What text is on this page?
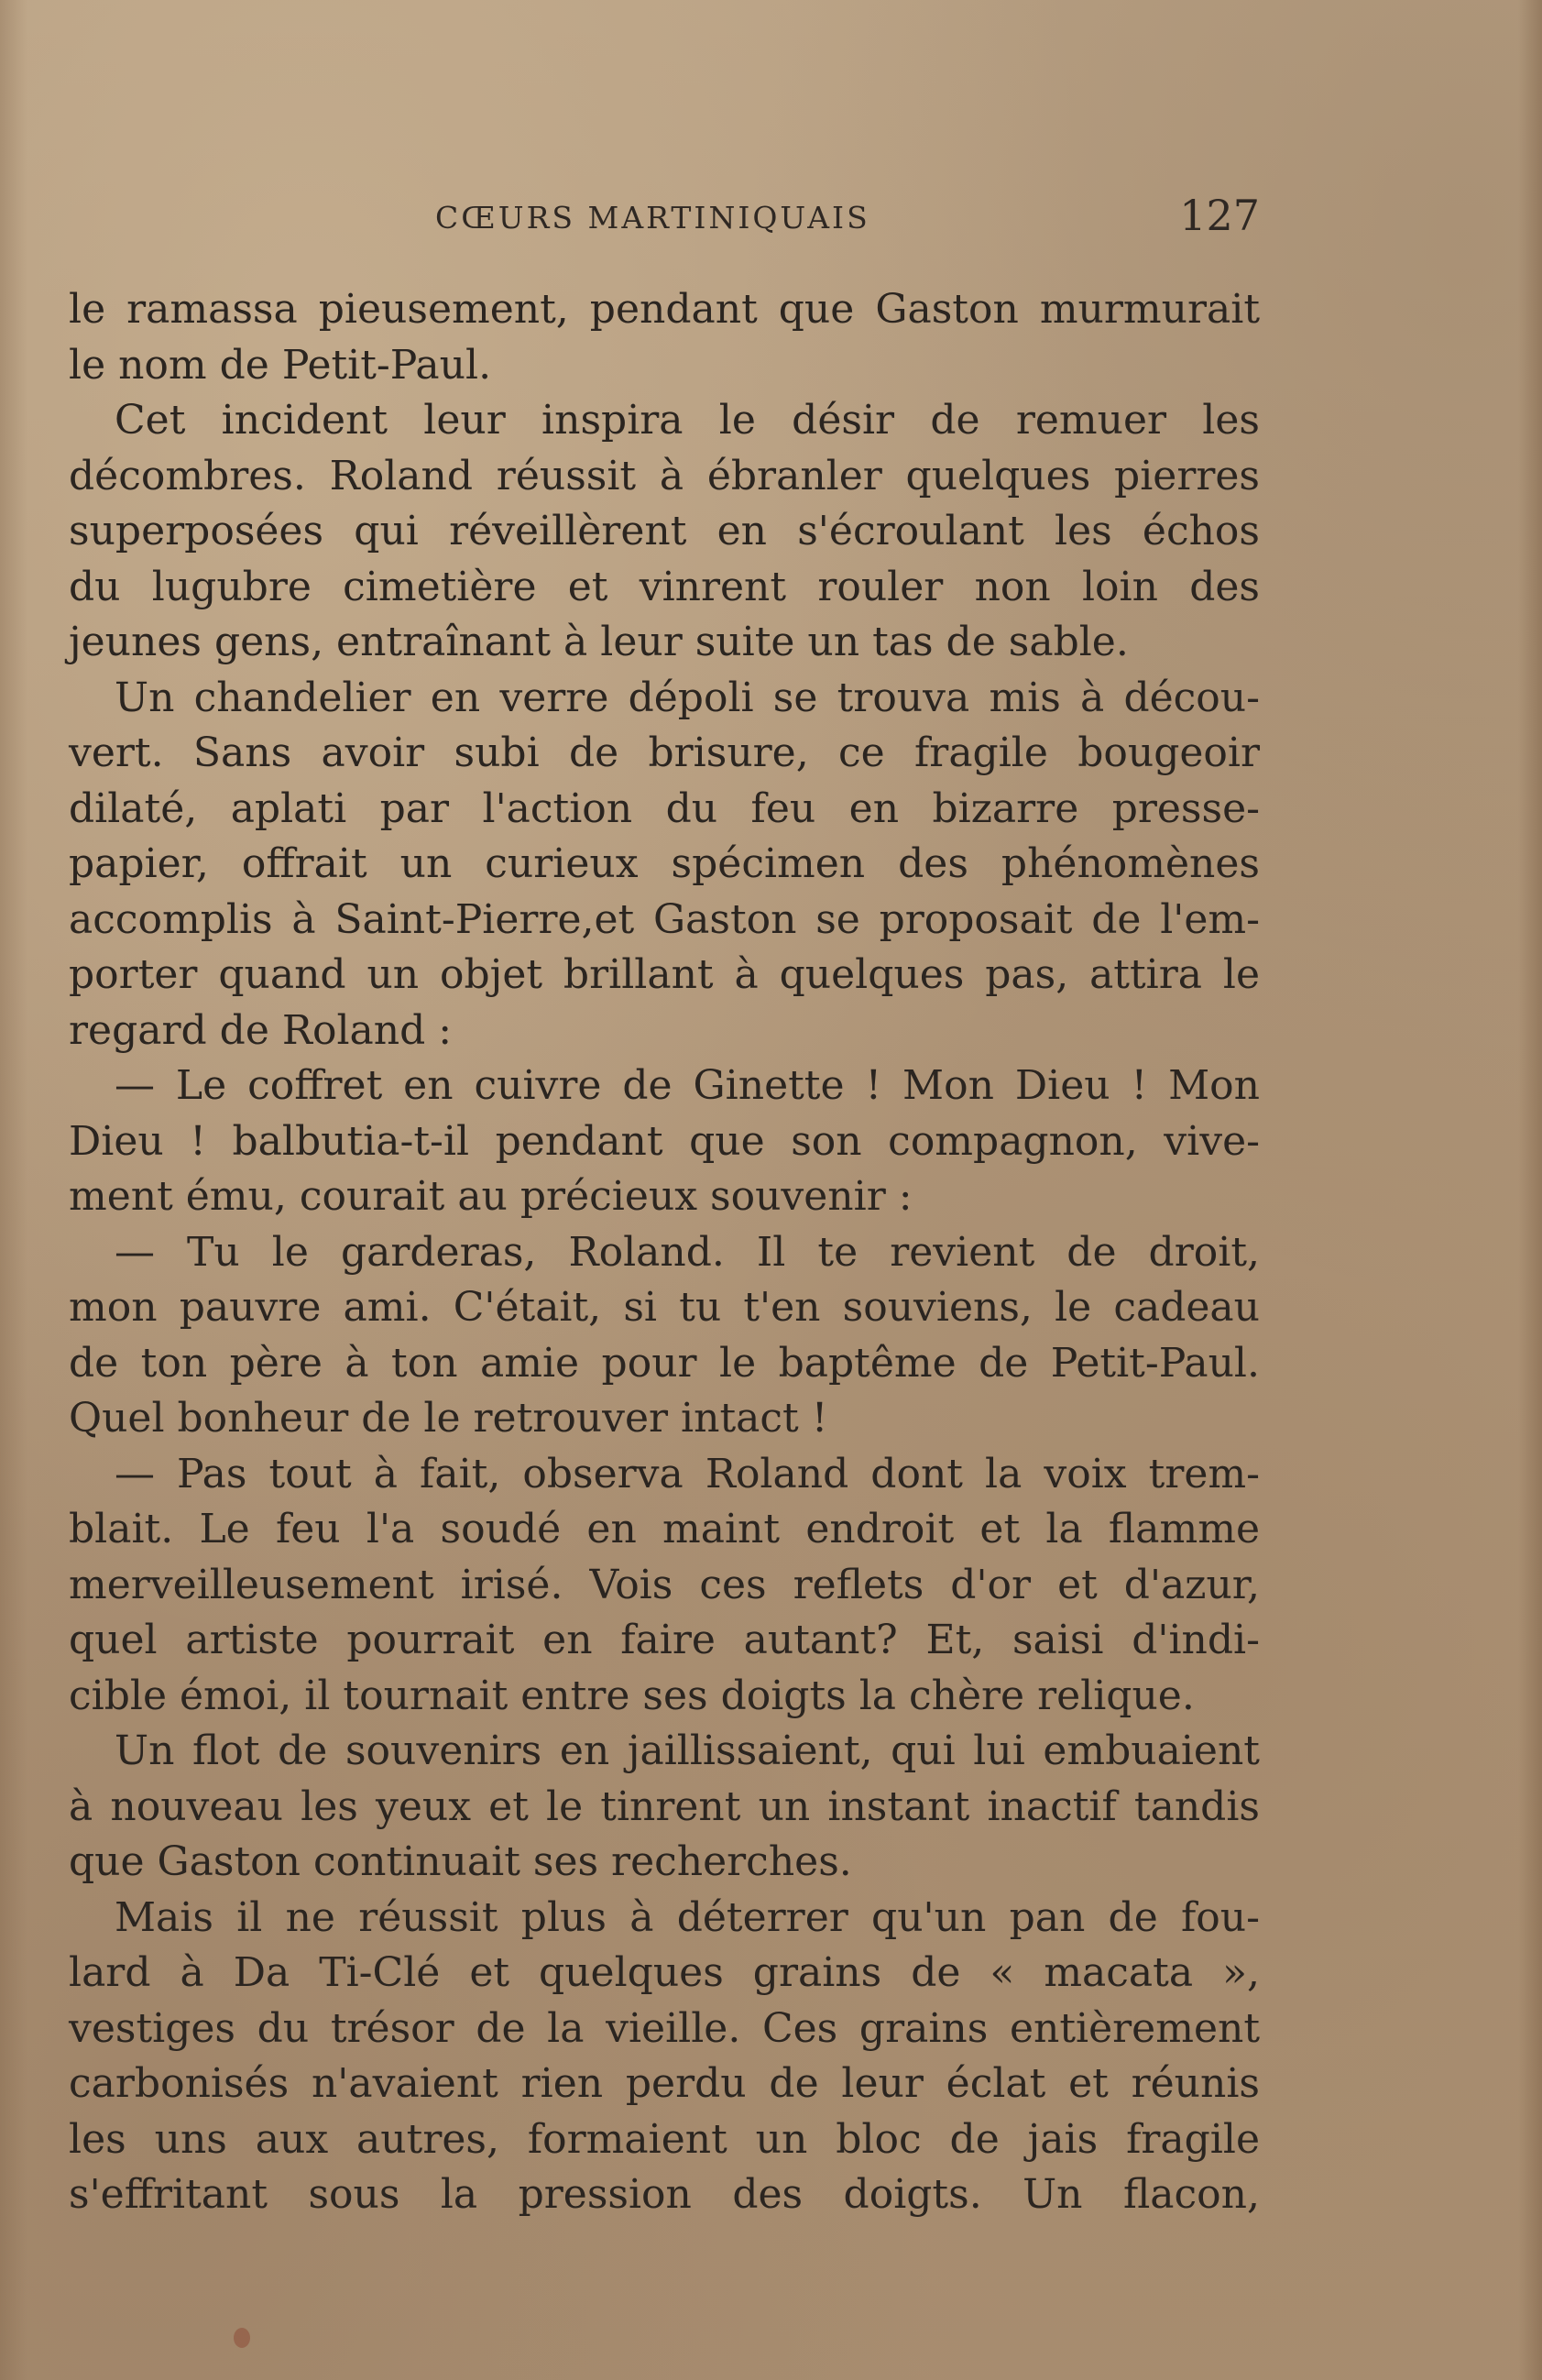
CŒURS MARTINIQUAIS	127
le ramassa pieusement, pendant que Gaston murmurait
le nom de Petit-Paul.
Cet incident leur inspira le désir de remuer les
décombres. Roland réussit à ébranler quelques pierres
superposées qui réveillèrent en s'écroulant les échos
du lugubre cimetière et vinrent rouler non loin des
jeunes gens, entraînant à leur suite un tas de sable.
Un chandelier en verre dépoli se trouva mis à décou-
vert. Sans avoir subi de brisure, ce fragile bougeoir
dilaté, aplati par l'action du feu en bizarre presse-
papier, offrait un curieux spécimen des phénomènes
accomplis à Saint-Pierre,et Gaston se proposait de l'em-
porter quand un objet brillant à quelques pas, attira le
regard de Roland :
— Le coffret en cuivre de Ginette ! Mon Dieu ! Mon
Dieu ! balbutia-t-il pendant que son compagnon, vive-
ment ému, courait au précieux souvenir :
— Tu le garderas, Roland. Il te revient de droit,
mon pauvre ami. C'était, si tu t'en souviens, le cadeau
de ton père à ton amie pour le baptême de Petit-Paul.
Quel bonheur de le retrouver intact !
— Pas tout à fait, observa Roland dont la voix trem-
blait. Le feu l'a soudé en maint endroit et la flamme
merveilleusement irisé. Vois ces reflets d'or et d'azur,
quel artiste pourrait en faire autant? Et, saisi d'indi-
cible émoi, il tournait entre ses doigts la chère relique.
Un flot de souvenirs en jaillissaient, qui lui embuaient
à nouveau les yeux et le tinrent un instant inactif tandis
que Gaston continuait ses recherches.
Mais il ne réussit plus à déterrer qu'un pan de fou-
lard à Da Ti-Clé et quelques grains de « macata »,
vestiges du trésor de la vieille. Ces grains entièrement
carbonisés n'avaient rien perdu de leur éclat et réunis
les uns aux autres, formaient un bloc de jais fragile
s'effritant sous la pression des doigts. Un flacon,
